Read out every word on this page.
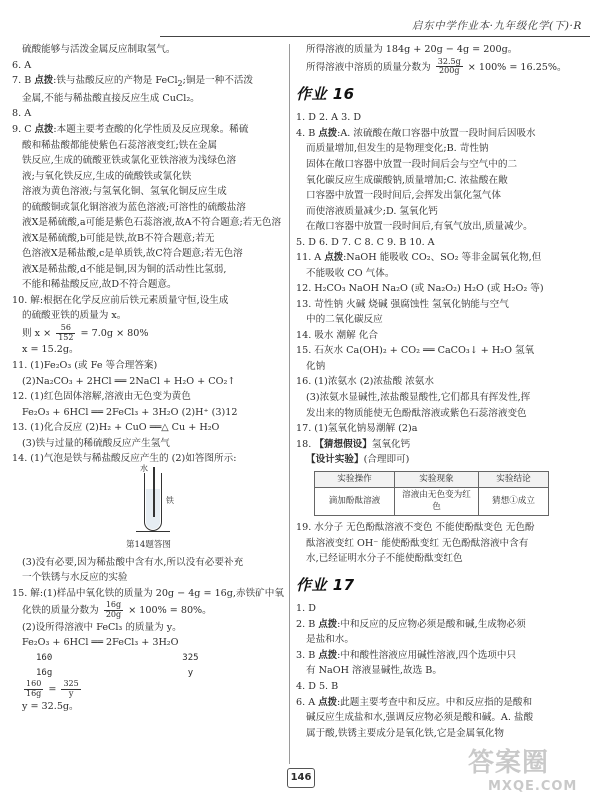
启东中学作业本·九年级化学(下)·R
硫酸能够与活泼金属反应制取氢气。
6. A
7. B 点拨:铁与盐酸反应的产物是 FeCl$_2$;铜是一种不活泼
金属,不能与稀盐酸直接反应生成 CuCl₂。
8. A
9. C 点拨:本题主要考查酸的化学性质及反应现象。稀硫
酸和稀盐酸都能使紫色石蕊溶液变红;铁在金属
铁反应,生成的硫酸亚铁或氯化亚铁溶液为浅绿色溶
液;与氧化铁反应,生成的硫酸铁或氯化铁
溶液为黄色溶液;与氢氧化铜、氢氧化铜反应生成
的硫酸铜或氯化铜溶液为蓝色溶液;可溶性的硫酸盐溶
液X是稀硫酸,a可能是紫色石蕊溶液,故A不符合题意;若无色溶
液X是稀硫酸,b可能是铁,故B不符合题意;若无
色溶液X是稀盐酸,c是单质铁,故C符合题意;若无色溶
液X是稀盐酸,d不能是铜,因为铜的活动性比氢弱,
不能和稀盐酸反应,故D不符合题意。
10. 解:根据在化学反应前后铁元素质量守恒,设生成
的硫酸亚铁的质量为 x。
则 $x \times \frac{56}{152} = 7.0g \times 80\%$
x = 15.2g。
11. (1)Fe₂O₃ (或 Fe 等合理答案)
(2)Na₂CO₃ + 2HCl ══ 2NaCl + H₂O + CO₂↑
12. (1)红色固体溶解,溶液由无色变为黄色
Fe₂O₃ + 6HCl ══ 2FeCl₃ + 3H₂O (2)H⁺ (3)12
13. (1)化合反应 (2)H₂ + CuO ══△ Cu + H₂O
(3)铁与过量的稀硫酸反应产生氢气
14. (1)气泡是铁与稀盐酸反应产生的 (2)如答图所示:
水
铁
第14题答图
(3)没有必要,因为稀盐酸中含有水,所以没有必要补充
一个铁锈与水反应的实验
15. 解:(1)样品中氧化铁的质量为 20g − 4g = 16g,赤铁矿中氧
化铁的质量分数为 $\frac{16g}{20g} \times 100\% = 80\%$。
(2)设所得溶液中 FeCl₃ 的质量为 y。
Fe₂O₃ + 6HCl ══ 2FeCl₃ + 3H₂O
160                        325
16g                         y
$\frac{160}{16g} = \frac{325}{y}$
y = 32.5g。
所得溶液的质量为 184g + 20g − 4g = 200g。
所得溶液中溶质的质量分数为 $\frac{32.5g}{200g} \times 100\% = 16.25\%$。
作业 16
1. D 2. A 3. D
4. B 点拨:A. 浓硫酸在敞口容器中放置一段时间后因吸水
而质量增加,但发生的是物理变化;B. 苛性钠
固体在敞口容器中放置一段时间后会与空气中的二
氧化碳反应生成碳酸钠,质量增加;C. 浓盐酸在敞
口容器中放置一段时间后,会挥发出氯化氢气体
而使溶液质量减少;D. 氢氧化钙
在敞口容器中放置一段时间后,有氧气放出,质量减少。
5. D 6. D 7. C 8. C 9. B 10. A
11. A 点拨:NaOH 能吸收 CO₂、SO₂ 等非金属氧化物,但
不能吸收 CO 气体。
12. H₂CO₃ NaOH Na₂O (或 Na₂O₂) H₂O (或 H₂O₂ 等)
13. 苛性钠 火碱 烧碱 强腐蚀性 氢氧化钠能与空气
中的二氧化碳反应
14. 吸水 潮解 化合
15. 石灰水 Ca(OH)₂ + CO₂ ══ CaCO₃↓ + H₂O 氢氧
化钠
16. (1)浓氨水 (2)浓盐酸 浓氨水
(3)浓氨水显碱性,浓盐酸显酸性,它们都具有挥发性,挥
发出来的物质能使无色酚酞溶液或紫色石蕊溶液变色
17. (1)氢氧化钠易潮解 (2)a
18. 【猜想假设】氢氧化钙
【设计实验】(合理即可)
实验操作	实验现象	实验结论
滴加酚酞溶液	溶液由无色变为红色	猜想①成立
19. 水分子 无色酚酞溶液不变色 不能使酚酞变色 无色酚
酞溶液变红 OH⁻ 能使酚酞变红 无色酚酞溶液中含有
水,已经证明水分子不能使酚酞变红色
作业 17
1. D
2. B 点拨:中和反应的反应物必须是酸和碱,生成物必须
是盐和水。
3. B 点拨:中和酸性溶液应用碱性溶液,四个选项中只
有 NaOH 溶液显碱性,故选 B。
4. D 5. B
6. A 点拨:此题主要考查中和反应。中和反应指的是酸和
碱反应生成盐和水,强调反应物必须是酸和碱。A. 盐酸
属于酸,铁锈主要成分是氧化铁,它是金属氧化物
146	答案圈
MXQE.COM
